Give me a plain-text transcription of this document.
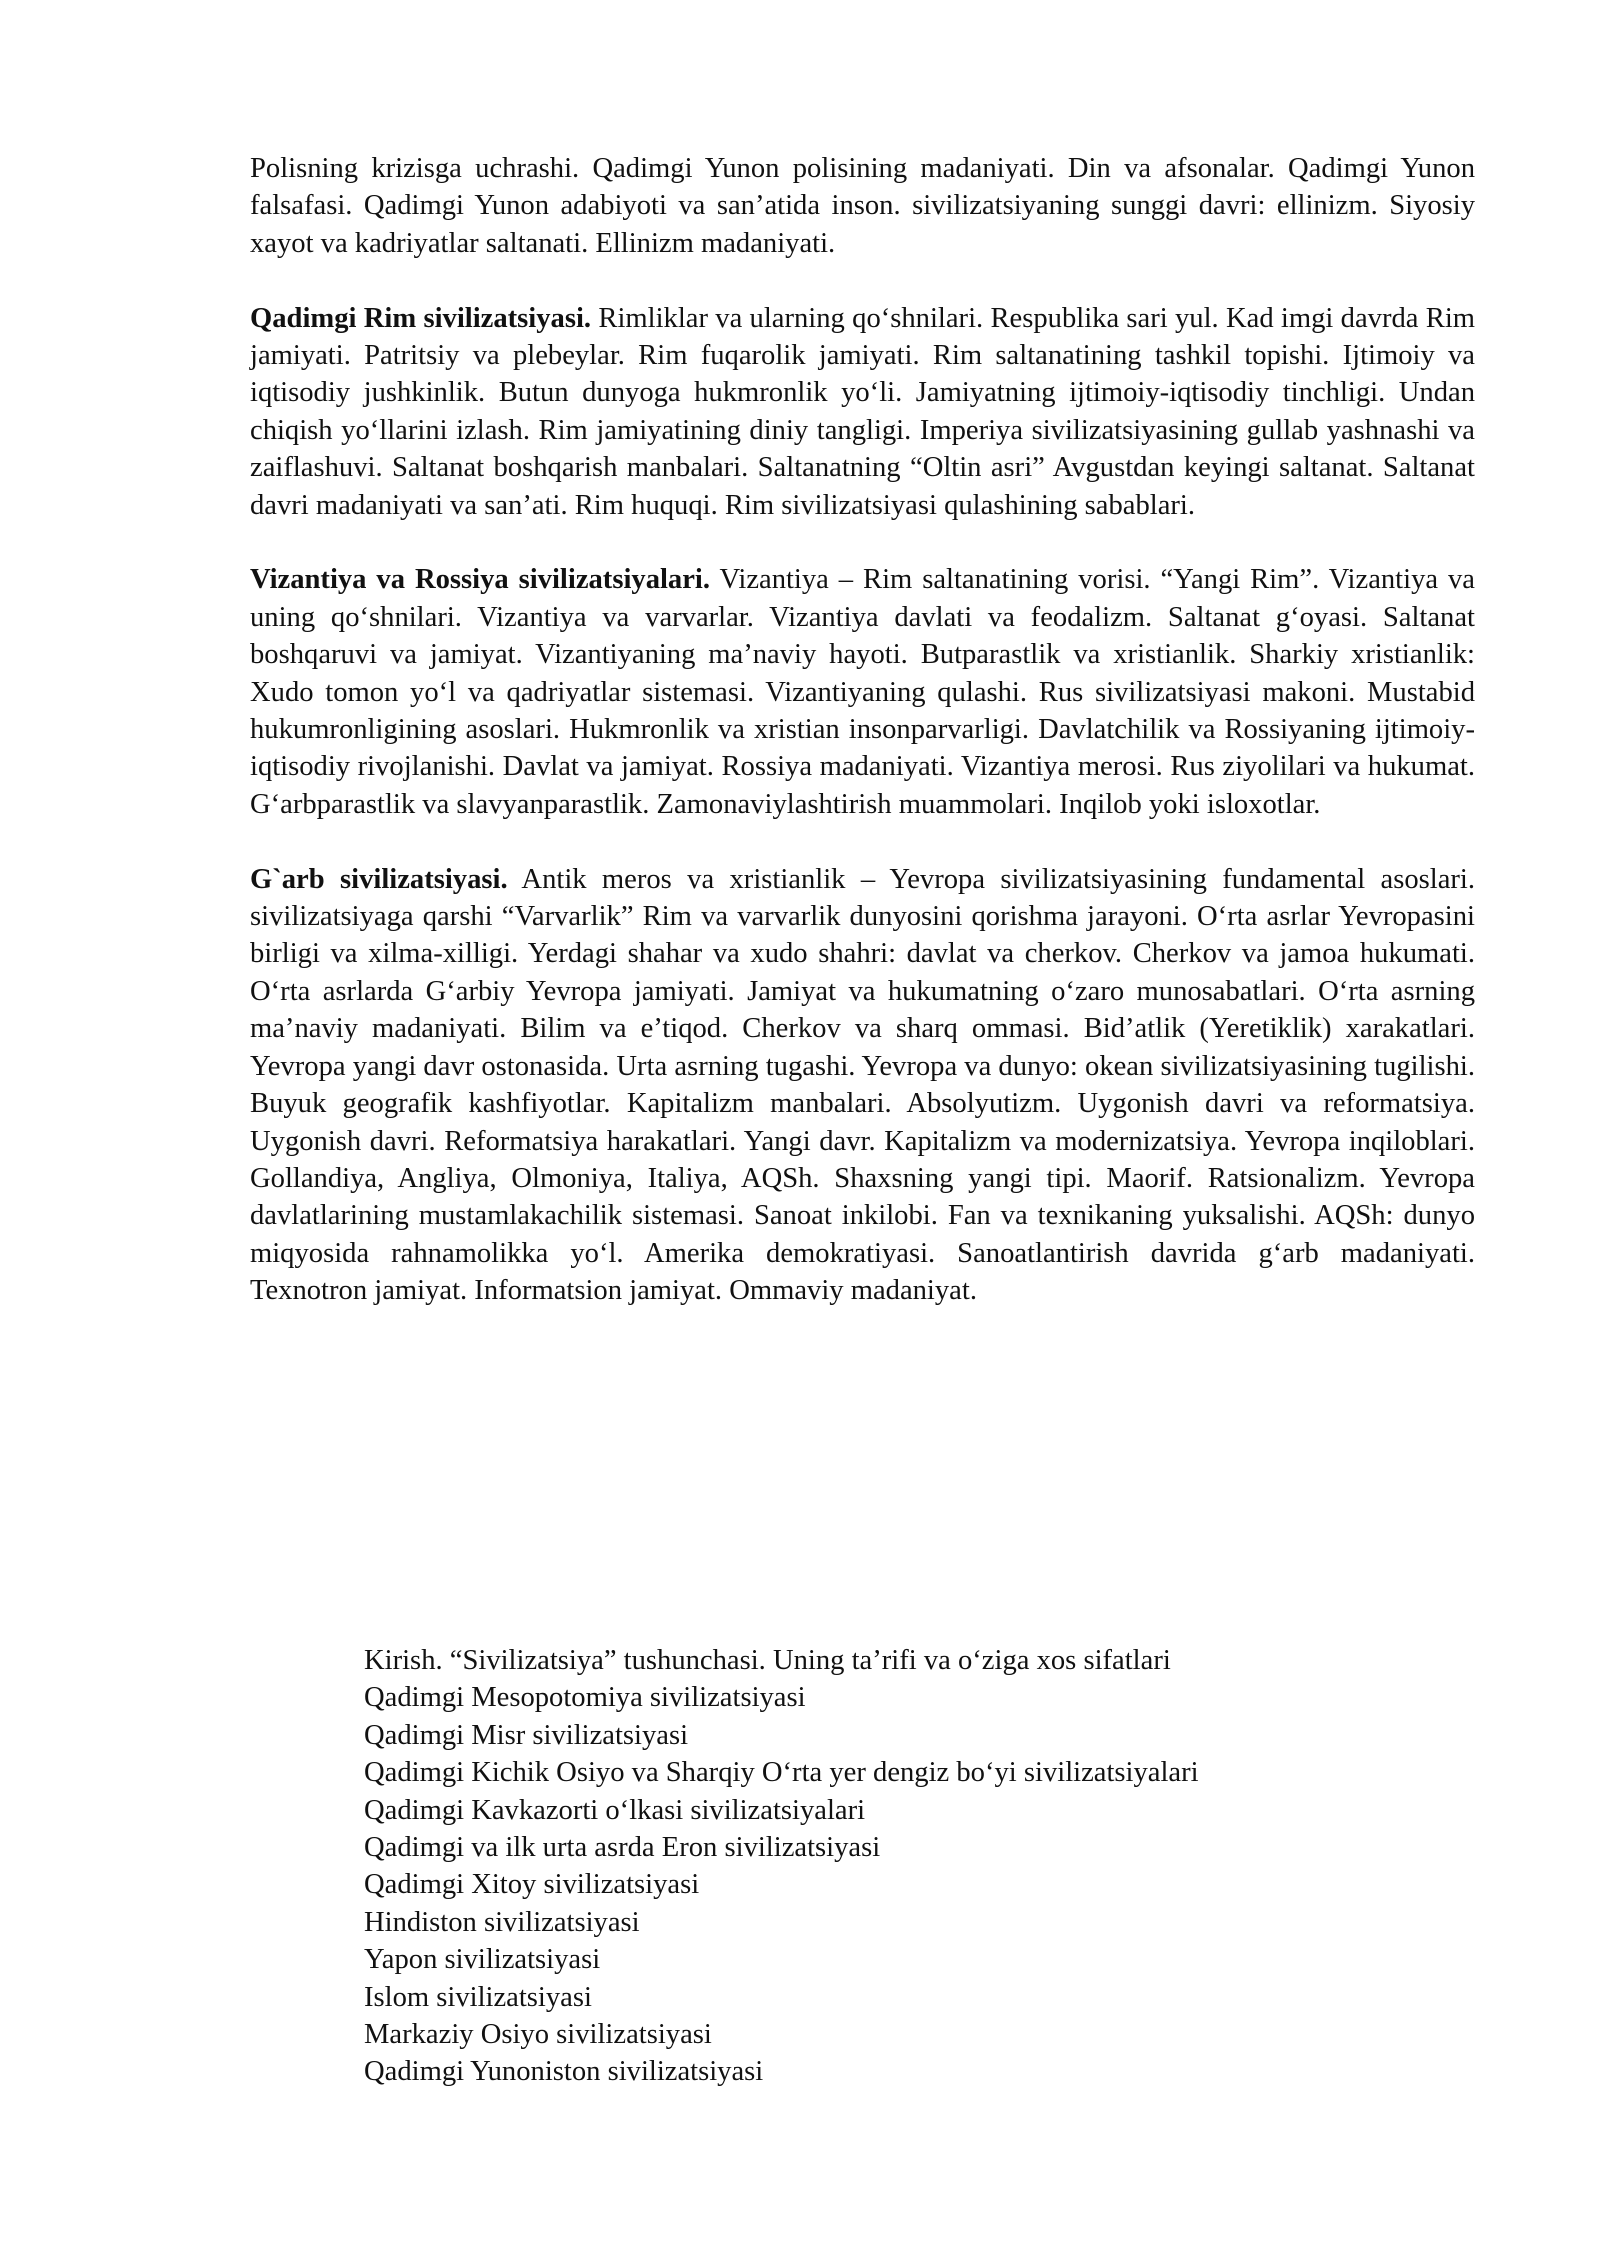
Polisning krizisga uchrashi. Qadimgi Yunon polisining madaniyati. Din va afsonalar. Qadimgi Yunon falsafasi. Qadimgi Yunon adabiyoti va san’atida inson. sivilizatsiyaning sunggi davri: ellinizm. Siyosiy xayot va kadriyatlar saltanati. Ellinizm madaniyati.

Qadimgi Rim sivilizatsiyasi. Rimliklar va ularning qo‘shnilari. Respublika sari yul. Kad imgi davrda Rim jamiyati. Patritsiy va plebeylar. Rim fuqarolik jamiyati. Rim saltanatining tashkil topishi. Ijtimoiy va iqtisodiy jushkinlik. Butun dunyoga hukmronlik yo‘li. Jamiyatning ijtimoiy-iqtisodiy tinchligi. Undan chiqish yo‘llarini izlash. Rim jamiyatining diniy tangligi. Imperiya sivilizatsiyasining gullab yashnashi va zaiflashuvi. Saltanat boshqarish manbalari. Saltanatning “Oltin asri” Avgustdan keyingi saltanat. Saltanat davri madaniyati va san’ati. Rim huquqi. Rim sivilizatsiyasi qulashining sabablari.

Vizantiya va Rossiya sivilizatsiyalari. Vizantiya – Rim saltanatining vorisi. “Yangi Rim”. Vizantiya va uning qo‘shnilari. Vizantiya va varvarlar. Vizantiya davlati va feodalizm. Saltanat g‘oyasi. Saltanat boshqaruvi va jamiyat. Vizantiyaning ma’naviy hayoti. Butparastlik va xristianlik. Sharkiy xristianlik: Xudo tomon yo‘l va qadriyatlar sistemasi. Vizantiyaning qulashi. Rus sivilizatsiyasi makoni. Mustabid hukumronligining asoslari. Hukmronlik va xristian insonparvarligi. Davlatchilik va Rossiyaning ijtimoiy-iqtisodiy rivojlanishi. Davlat va jamiyat. Rossiya madaniyati. Vizantiya merosi. Rus ziyolilari va hukumat. G‘arbparastlik va slavyanparastlik. Zamonaviylashtirish muammolari. Inqilob yoki isloxotlar.

G`arb sivilizatsiyasi. Antik meros va xristianlik – Yevropa sivilizatsiyasining fundamental asoslari. sivilizatsiyaga qarshi “Varvarlik” Rim va varvarlik dunyosini qorishma jarayoni. O‘rta asrlar Yevropasini birligi va xilma-xilligi. Yerdagi shahar va xudo shahri: davlat va cherkov. Cherkov va jamoa hukumati. O‘rta asrlarda G‘arbiy Yevropa jamiyati. Jamiyat va hukumatning o‘zaro munosabatlari. O‘rta asrning ma’naviy madaniyati. Bilim va e’tiqod. Cherkov va sharq ommasi. Bid’atlik (Yeretiklik) xarakatlari. Yevropa yangi davr ostonasida. Urta asrning tugashi. Yevropa va dunyo: okean sivilizatsiyasining tugilishi. Buyuk geografik kashfiyotlar. Kapitalizm manbalari. Absolyutizm. Uygonish davri va reformatsiya. Uygonish davri. Reformatsiya harakatlari. Yangi davr. Kapitalizm va modernizatsiya. Yevropa inqiloblari. Gollandiya, Angliya, Olmoniya, Italiya, AQSh. Shaxsning yangi tipi. Maorif. Ratsionalizm. Yevropa davlatlarining mustamlakachilik sistemasi. Sanoat inkilobi. Fan va texnikaning yuksalishi. AQSh: dunyo miqyosida rahnamolikka yo‘l. Amerika demokratiyasi. Sanoatlantirish davrida g‘arb madaniyati. Texnotron jamiyat. Informatsion jamiyat. Ommaviy madaniyat.

Kirish. “Sivilizatsiya” tushunchasi. Uning ta’rifi va o‘ziga xos sifatlari
Qadimgi Mesopotomiya sivilizatsiyasi
Qadimgi Misr sivilizatsiyasi
Qadimgi Kichik Osiyo va Sharqiy O‘rta yer dengiz bo‘yi sivilizatsiyalari
Qadimgi Kavkazorti o‘lkasi sivilizatsiyalari
Qadimgi va ilk urta asrda Eron sivilizatsiyasi
Qadimgi Xitoy sivilizatsiyasi
Hindiston sivilizatsiyasi
Yapon sivilizatsiyasi
Islom sivilizatsiyasi
Markaziy Osiyo sivilizatsiyasi
Qadimgi Yunoniston sivilizatsiyasi
